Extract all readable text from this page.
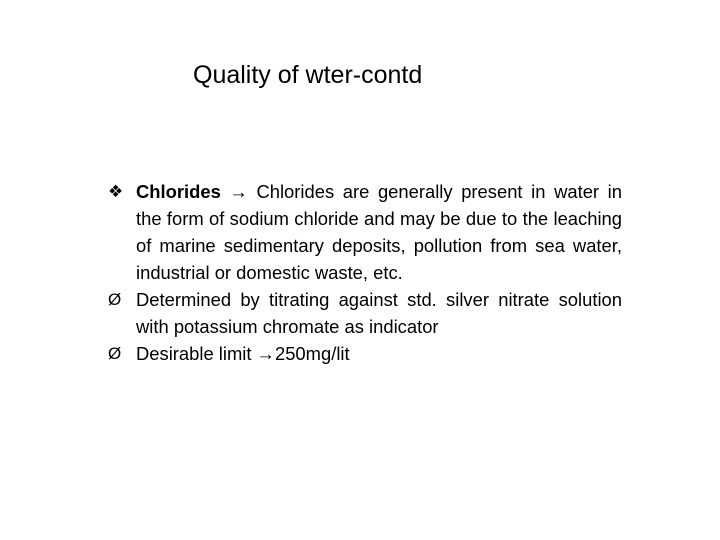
Quality of wter-contd
❖ Chlorides → Chlorides are generally present in water in the form of sodium chloride and may be due to the leaching of marine sedimentary deposits, pollution from sea water, industrial or domestic waste, etc.
Ø Determined by titrating against std. silver nitrate solution with potassium chromate as indicator
Ø Desirable limit →250mg/lit
